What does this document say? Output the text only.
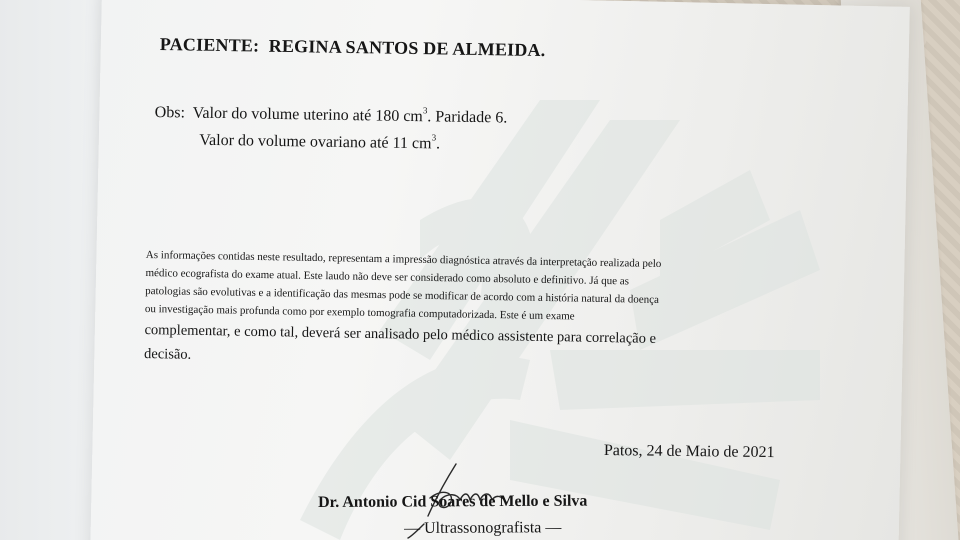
PACIENTE: REGINA SANTOS DE ALMEIDA.
Obs: Valor do volume uterino até 180 $cm^3$. Paridade 6.
Valor do volume ovariano até 11 $cm^3$.
As informações contidas neste resultado, representam a impressão diagnóstica através da interpretação realizada pelo
médico ecografista do exame atual. Este laudo não deve ser considerado como absoluto e definitivo. Já que as
patologias são evolutivas e a identificação das mesmas pode se modificar de acordo com a história natural da doença
ou investigação mais profunda como por exemplo tomografia computadorizada. Este é um exame
complementar, e como tal, deverá ser analisado pelo médico assistente para correlação e
decisão.
Patos, 24 de Maio de 2021
Dr. Antonio Cid Soares de Mello e Silva
— Ultrassonografista —
